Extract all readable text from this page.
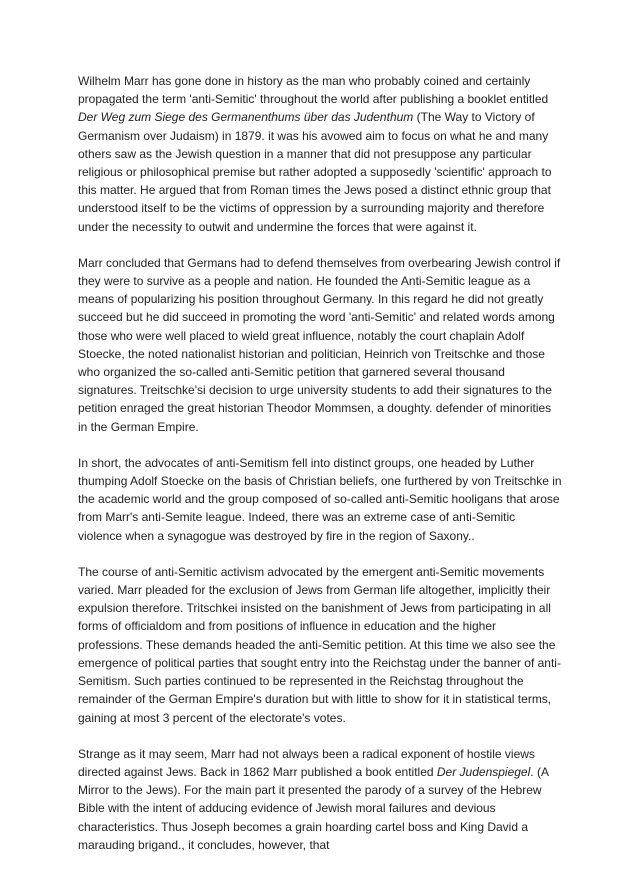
Wilhelm Marr has gone done in history as the man who probably coined and certainly propagated the term 'anti-Semitic' throughout the world after publishing a booklet entitled Der Weg zum Siege des Germanenthums über das Judenthum (The Way to Victory of Germanism over Judaism) in 1879. it was his avowed aim to focus on what he and many others saw as the Jewish question in a manner that did not presuppose any particular religious or philosophical premise but rather adopted a supposedly 'scientific' approach to this matter. He argued that from Roman times the Jews posed a distinct ethnic group that understood itself to be the victims of oppression by a surrounding majority and therefore under the necessity to outwit and undermine the forces that were against it.

Marr concluded that Germans had to defend themselves from overbearing Jewish control if they were to survive as a people and nation. He founded the Anti-Semitic league as a means of popularizing his position throughout Germany. In this regard he did not greatly succeed but he did succeed in promoting the word 'anti-Semitic' and related words among those who were well placed to wield great influence, notably the court chaplain Adolf Stoecke, the noted nationalist historian and politician, Heinrich von Treitschke and those who organized the so-called anti-Semitic petition that garnered several thousand signatures. Treitschke'si decision to urge university students to add their signatures to the petition enraged the great historian Theodor Mommsen, a doughty. defender of minorities in the German Empire.

In short, the advocates of anti-Semitism fell into distinct groups, one headed by Luther thumping Adolf Stoecke on the basis of Christian beliefs, one furthered by von Treitschke in the academic world and the group composed of so-called anti-Semitic hooligans that arose from Marr's anti-Semite league. Indeed, there was an extreme case of anti-Semitic violence when a synagogue was destroyed by fire in the region of Saxony..

The course of anti-Semitic activism advocated by the emergent anti-Semitic movements varied. Marr pleaded for the exclusion of Jews from German life altogether, implicitly their expulsion therefore. Tritschkei insisted on the banishment of Jews from participating in all forms of officialdom and from positions of influence in education and the higher professions. These demands headed the anti-Semitic petition. At this time we also see the emergence of political parties that sought entry into the Reichstag under the banner of anti-Semitism. Such parties continued to be represented in the Reichstag throughout the remainder of the German Empire's duration but with little to show for it in statistical terms, gaining at most 3 percent of the electorate's votes.

Strange as it may seem, Marr had not always been a radical exponent of hostile views directed against Jews. Back in 1862 Marr published a book entitled Der Judenspiegel. (A Mirror to the Jews). For the main part it presented the parody of a survey of the Hebrew Bible with the intent of adducing evidence of Jewish moral failures and devious characteristics. Thus Joseph becomes a grain hoarding cartel boss and King David a marauding brigand., it concludes, however, that
